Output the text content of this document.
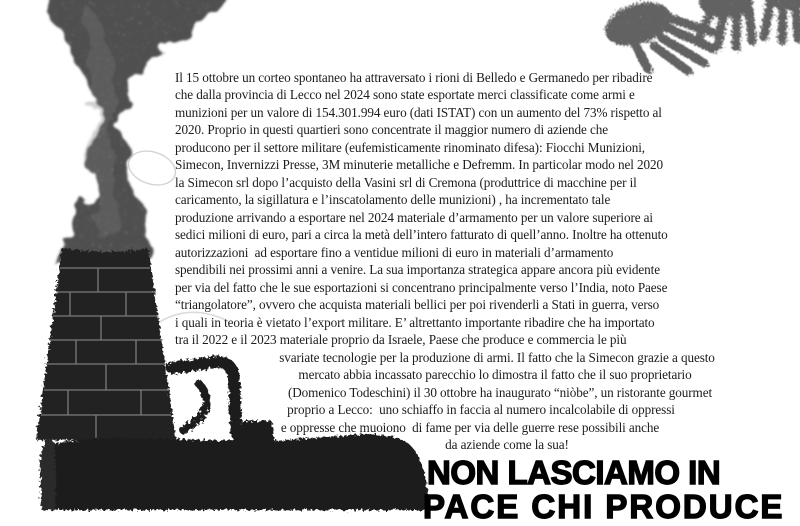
Il 15 ottobre un corteo spontaneo ha attraversato i rioni di Belledo e Germanedo per ribadire
che dalla provincia di Lecco nel 2024 sono state esportate merci classificate come armi e
munizioni per un valore di 154.301.994 euro (dati ISTAT) con un aumento del 73% rispetto al
2020. Proprio in questi quartieri sono concentrate il maggior numero di aziende che
producono per il settore militare (eufemisticamente rinominato difesa): Fiocchi Munizioni,
Simecon, Invernizzi Presse, 3M minuterie metalliche e Defremm. In particolar modo nel 2020
la Simecon srl dopo l’acquisto della Vasini srl di Cremona (produttrice di macchine per il
caricamento, la sigillatura e l’inscatolamento delle munizioni) , ha incrementato tale
produzione arrivando a esportare nel 2024 materiale d’armamento per un valore superiore ai
sedici milioni di euro, pari a circa la metà dell’intero fatturato di quell’anno. Inoltre ha ottenuto
autorizzazioni  ad esportare fino a ventidue milioni di euro in materiali d’armamento
spendibili nei prossimi anni a venire. La sua importanza strategica appare ancora più evidente
per via del fatto che le sue esportazioni si concentrano principalmente verso l’India, noto Paese
“triangolatore”, ovvero che acquista materiali bellici per poi rivenderli a Stati in guerra, verso
i quali in teoria è vietato l’export militare. E’ altrettanto importante ribadire che ha importato
tra il 2022 e il 2023 materiale proprio da Israele, Paese che produce e commercia le più
svariate tecnologie per la produzione di armi. Il fatto che la Simecon grazie a questo
mercato abbia incassato parecchio lo dimostra il fatto che il suo proprietario
(Domenico Todeschini) il 30 ottobre ha inaugurato “niòbe”, un ristorante gourmet
proprio a Lecco:  uno schiaffo in faccia al numero incalcolabile di oppressi
e oppresse che muoiono  di fame per via delle guerre rese possibili anche
da aziende come la sua!
NON LASCIAMO IN
PACE CHI PRODUCE
